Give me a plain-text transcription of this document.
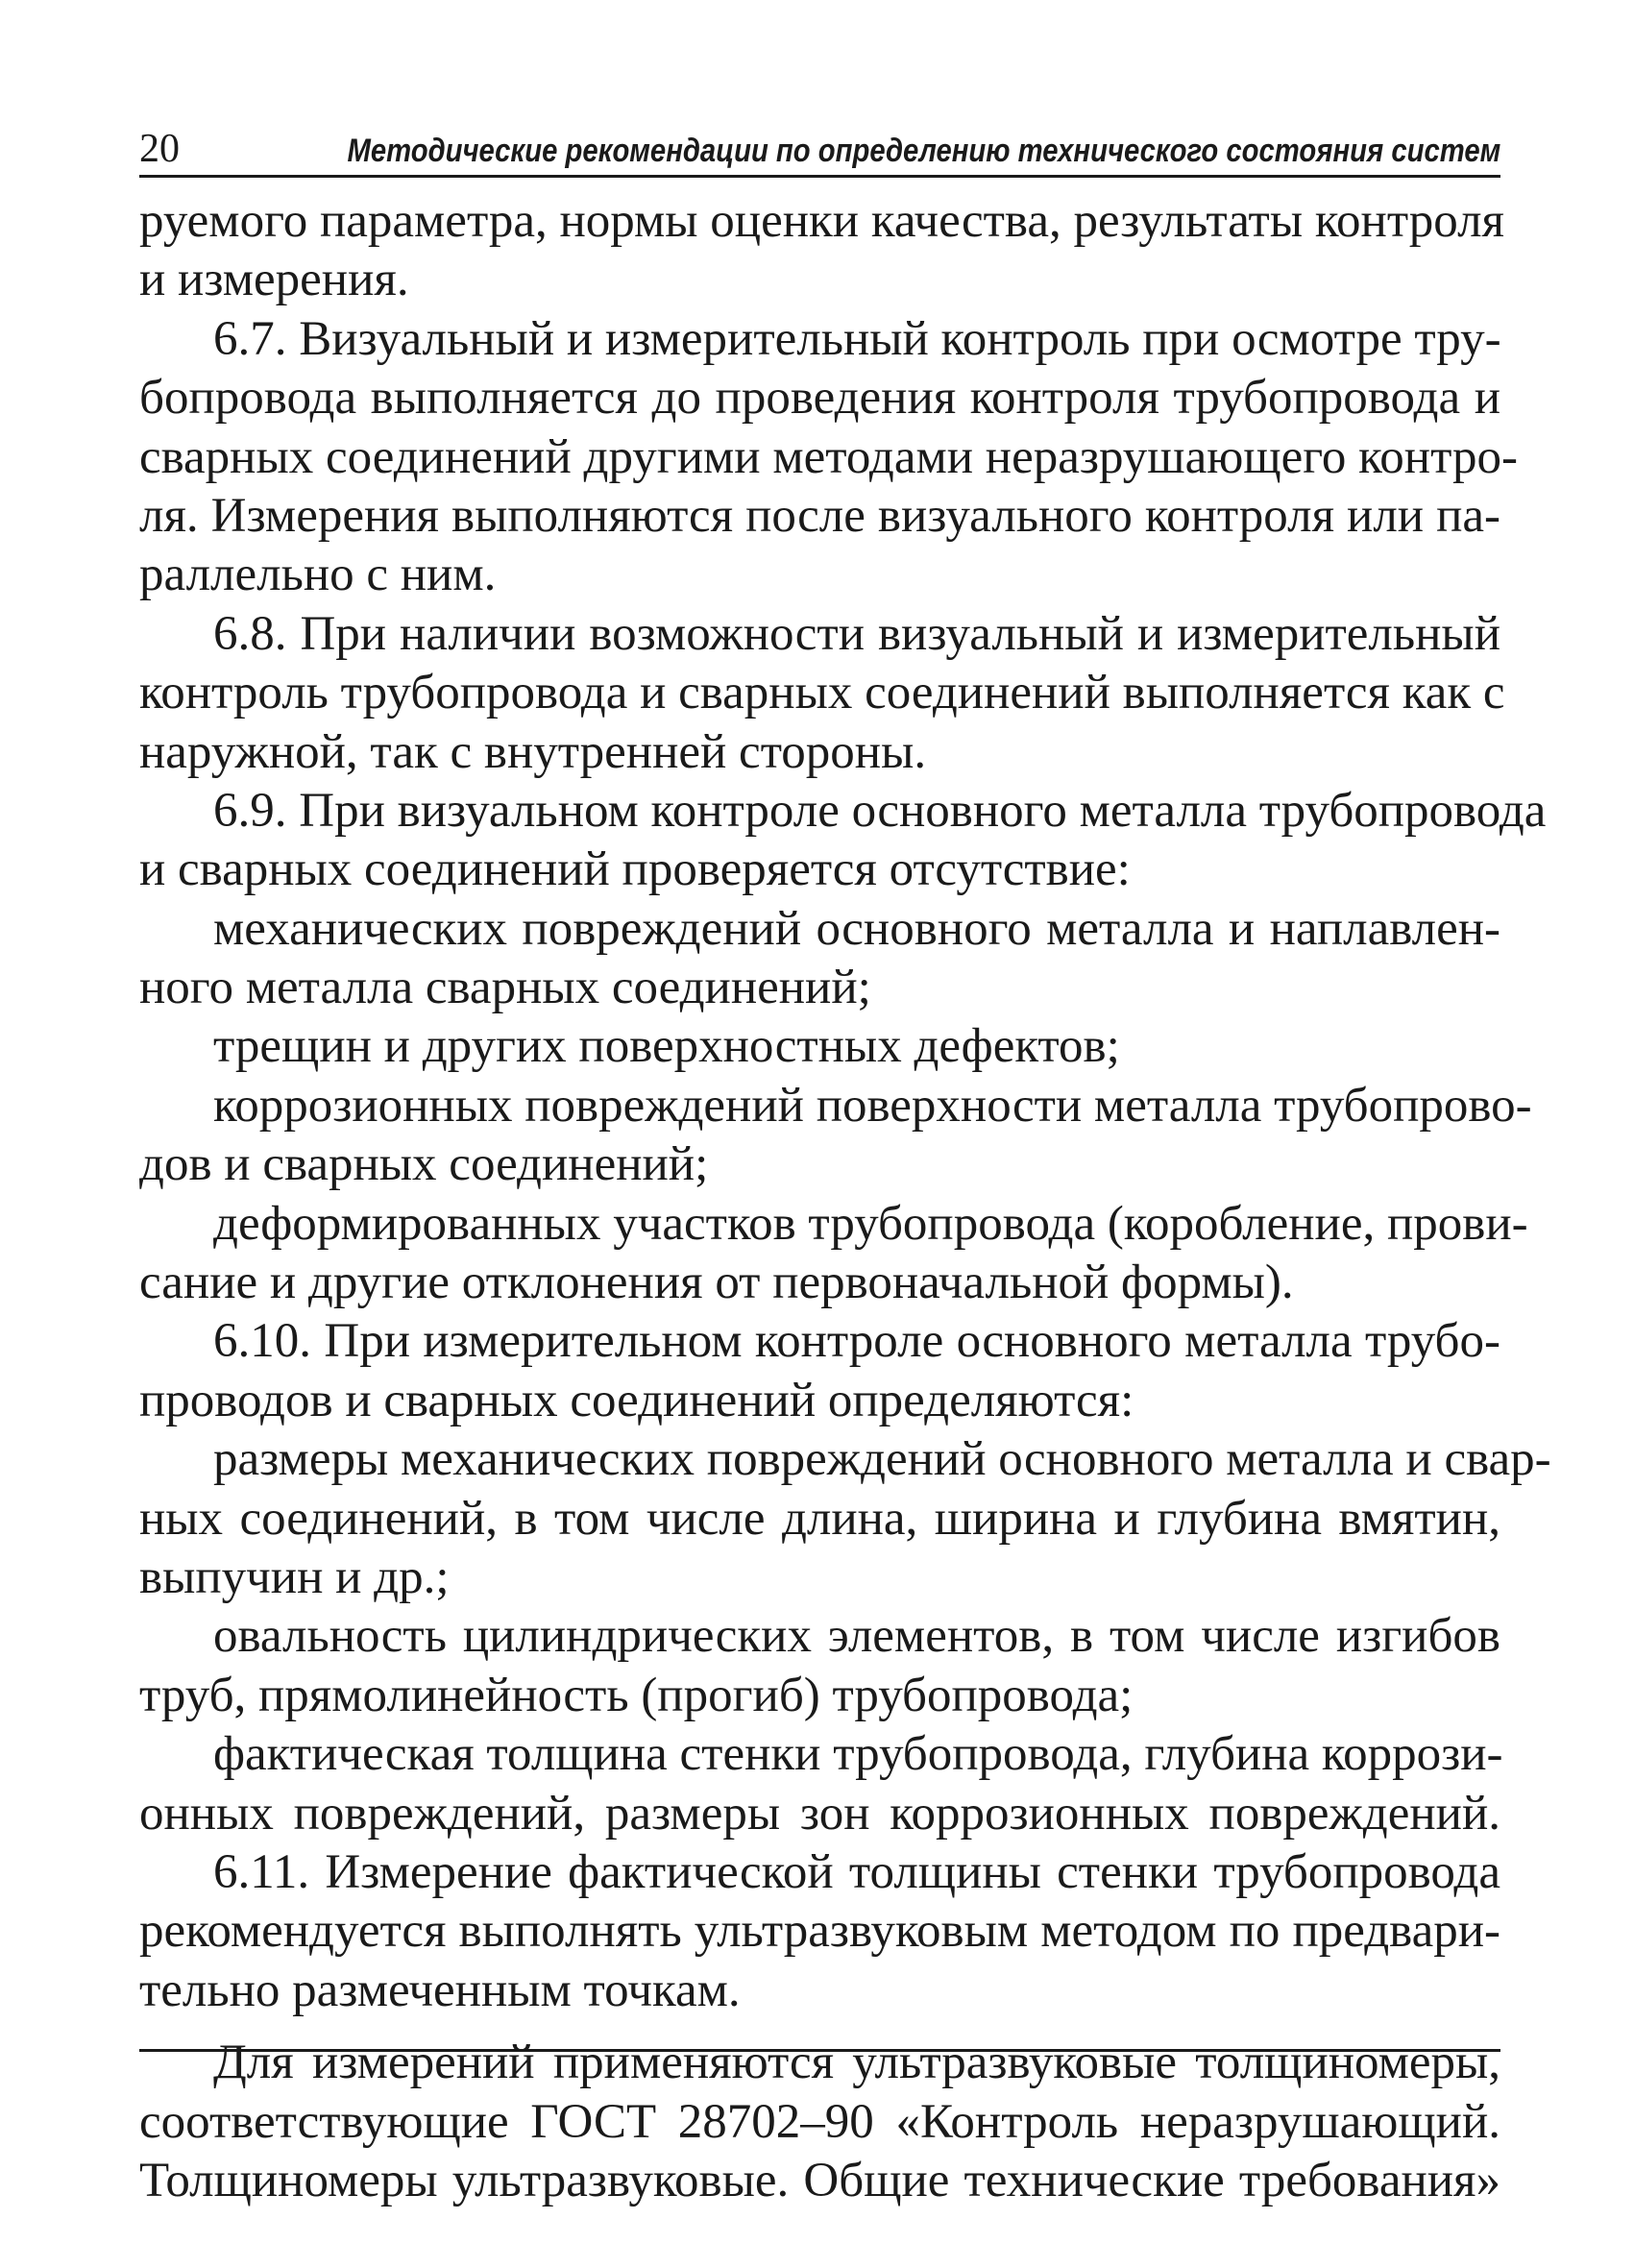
20	Методические рекомендации по определению технического состояния систем
руемого параметра, нормы оценки качества, результаты контроля
и измерения.
6.7. Визуальный и измерительный контроль при осмотре тру-
бопровода выполняется до проведения контроля трубопровода и
сварных соединений другими методами неразрушающего контро-
ля. Измерения выполняются после визуального контроля или па-
раллельно с ним.
6.8. При наличии возможности визуальный и измерительный
контроль трубопровода и сварных соединений выполняется как с
наружной, так с внутренней стороны.
6.9. При визуальном контроле основного металла трубопровода
и сварных соединений проверяется отсутствие:
механических повреждений основного металла и наплавлен-
ного металла сварных соединений;
трещин и других поверхностных дефектов;
коррозионных повреждений поверхности металла трубопрово-
дов и сварных соединений;
деформированных участков трубопровода (коробление, прови-
сание и другие отклонения от первоначальной формы).
6.10. При измерительном контроле основного металла трубо-
проводов и сварных соединений определяются:
размеры механических повреждений основного металла и свар-
ных соединений, в том числе длина, ширина и глубина вмятин,
выпучин и др.;
овальность цилиндрических элементов, в том числе изгибов
труб, прямолинейность (прогиб) трубопровода;
фактическая толщина стенки трубопровода, глубина коррози-
онных повреждений, размеры зон коррозионных повреждений.
6.11. Измерение фактической толщины стенки трубопровода
рекомендуется выполнять ультразвуковым методом по предвари-
тельно размеченным точкам.
Для измерений применяются ультразвуковые толщиномеры,
соответствующие ГОСТ 28702–90 «Контроль неразрушающий.
Толщиномеры ультразвуковые. Общие технические требования»
